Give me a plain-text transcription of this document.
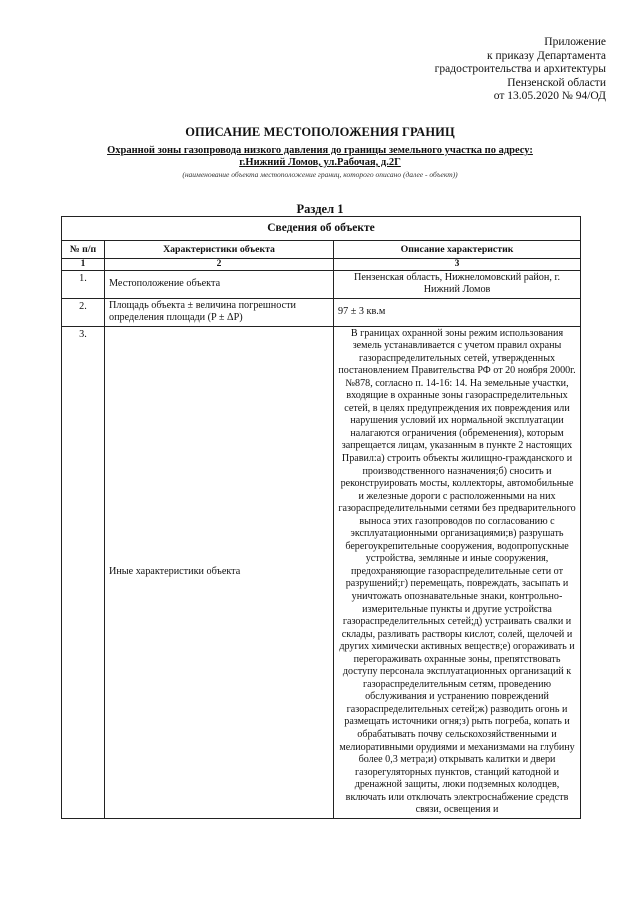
Приложение
к приказу Департамента
градостроительства и архитектуры
Пензенской области
от 13.05.2020 № 94/ОД
ОПИСАНИЕ МЕСТОПОЛОЖЕНИЯ ГРАНИЦ
Охранной зоны газопровода низкого давления до границы земельного участка по адресу:
г.Нижний Ломов, ул.Рабочая, д.2Г
(наименование объекта местоположение границ, которого описано (далее - объект))
Раздел 1
Сведения об объекте		
№ п/п	Характеристики объекта	Описание характеристик
1	2	3
1.	Местоположение объекта	Пензенская область, Нижнеломовский район, г. Нижний Ломов
2.	Площадь объекта ± величина погрешности определения площади (P ± ΔP)	97 ± 3 кв.м
3.	Иные характеристики объекта	В границах охранной зоны режим использования земель устанавливается с учетом правил охраны газораспределительных сетей, утвержденных постановлением Правительства РФ от 20 ноября 2000г. №878, согласно п. 14-16: 14. На земельные участки, входящие в охранные зоны газораспределительных сетей, в целях предупреждения их повреждения или нарушения условий их нормальной эксплуатации налагаются ограничения (обременения), которым запрещается лицам, указанным в пункте 2 настоящих Правил:а) строить объекты жилищно-гражданского и производственного назначения;б) сносить и реконструировать мосты, коллекторы, автомобильные и железные дороги с расположенными на них газораспределительными сетями без предварительного выноса этих газопроводов по согласованию с эксплуатационными организациями;в) разрушать берегоукрепительные сооружения, водопропускные устройства, земляные и иные сооружения, предохраняющие газораспределительные сети от разрушений;г) перемещать, повреждать, засыпать и уничтожать опознавательные знаки, контрольно-измерительные пункты и другие устройства газораспределительных сетей;д) устраивать свалки и склады, разливать растворы кислот, солей, щелочей и других химически активных веществ;е) огораживать и перегораживать охранные зоны, препятствовать доступу персонала эксплуатационных организаций к газораспределительным сетям, проведению обслуживания и устранению повреждений газораспределительных сетей;ж) разводить огонь и размещать источники огня;з) рыть погреба, копать и обрабатывать почву сельскохозяйственными и мелиоративными орудиями и механизмами на глубину более 0,3 метра;и) открывать калитки и двери газорегуляторных пунктов, станций катодной и дренажной защиты, люки подземных колодцев, включать или отключать электроснабжение средств связи, освещения и
